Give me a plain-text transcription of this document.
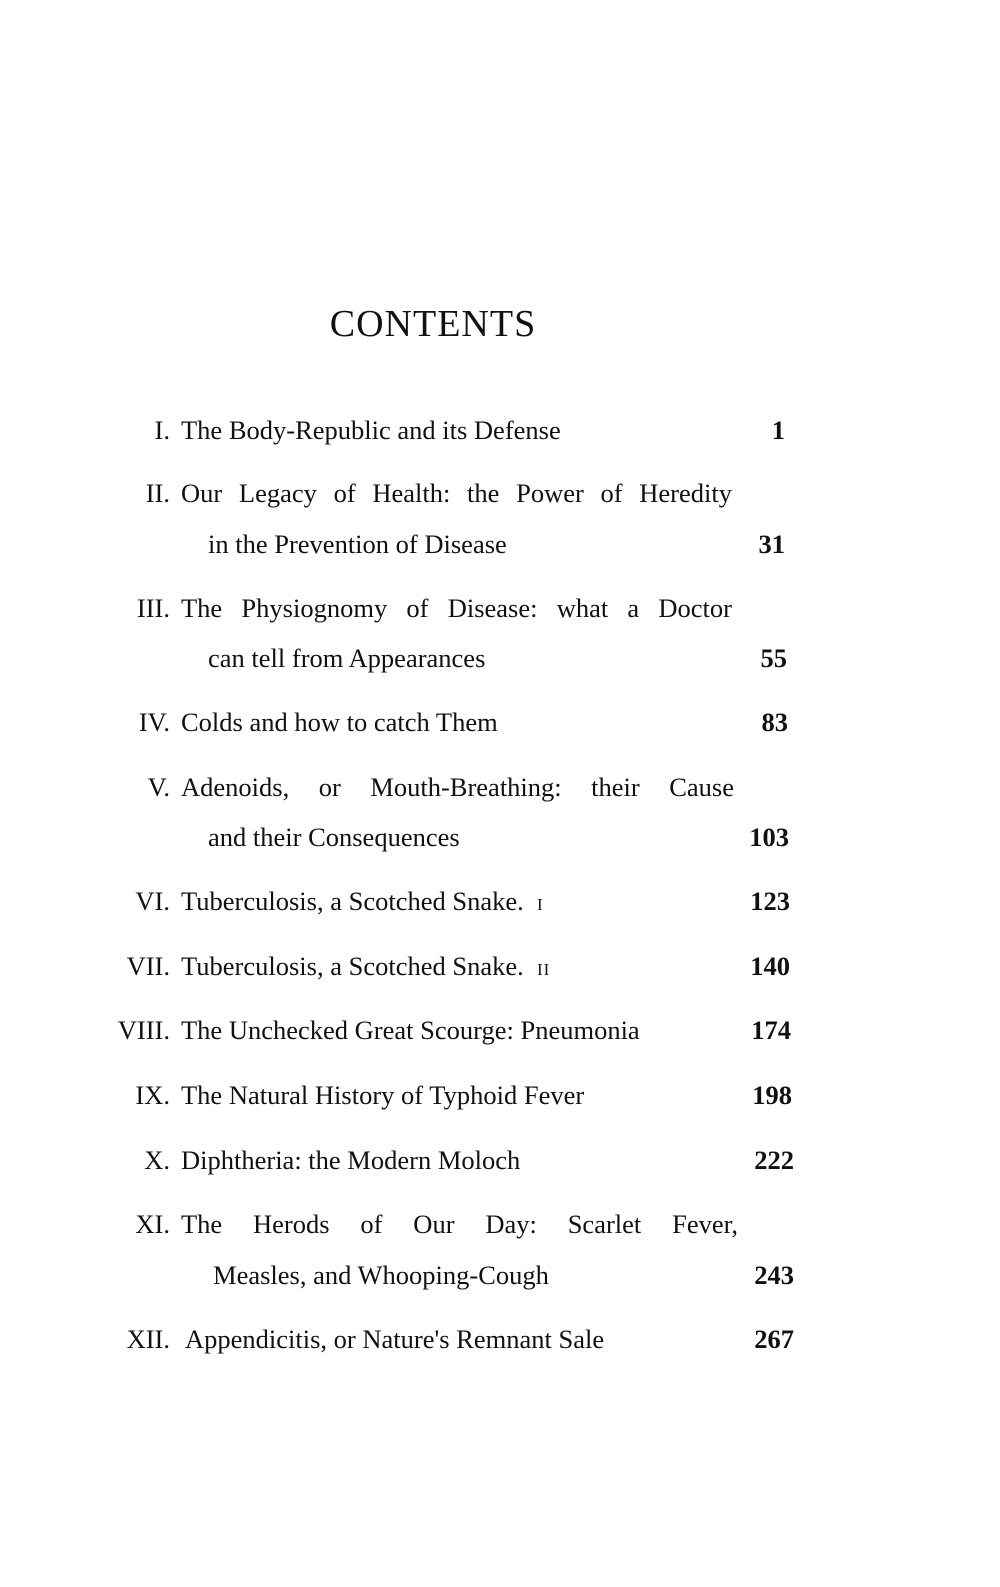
CONTENTS
I. The Body-Republic and its Defense	1
II. Our Legacy of Health: the Power of Heredity
in the Prevention of Disease	31
III. The Physiognomy of Disease: what a Doctor
can tell from Appearances	55
IV. Colds and how to catch Them	83
V. Adenoids, or Mouth-Breathing: their Cause
and their Consequences	103
VI. Tuberculosis, a Scotched Snake. I	123
VII. Tuberculosis, a Scotched Snake. II	140
VIII. The Unchecked Great Scourge: Pneumonia	174
IX. The Natural History of Typhoid Fever	198
X. Diphtheria: the Modern Moloch	222
XI. The Herods of Our Day: Scarlet Fever,
Measles, and Whooping-Cough	243
XII. Appendicitis, or Nature's Remnant Sale	267
